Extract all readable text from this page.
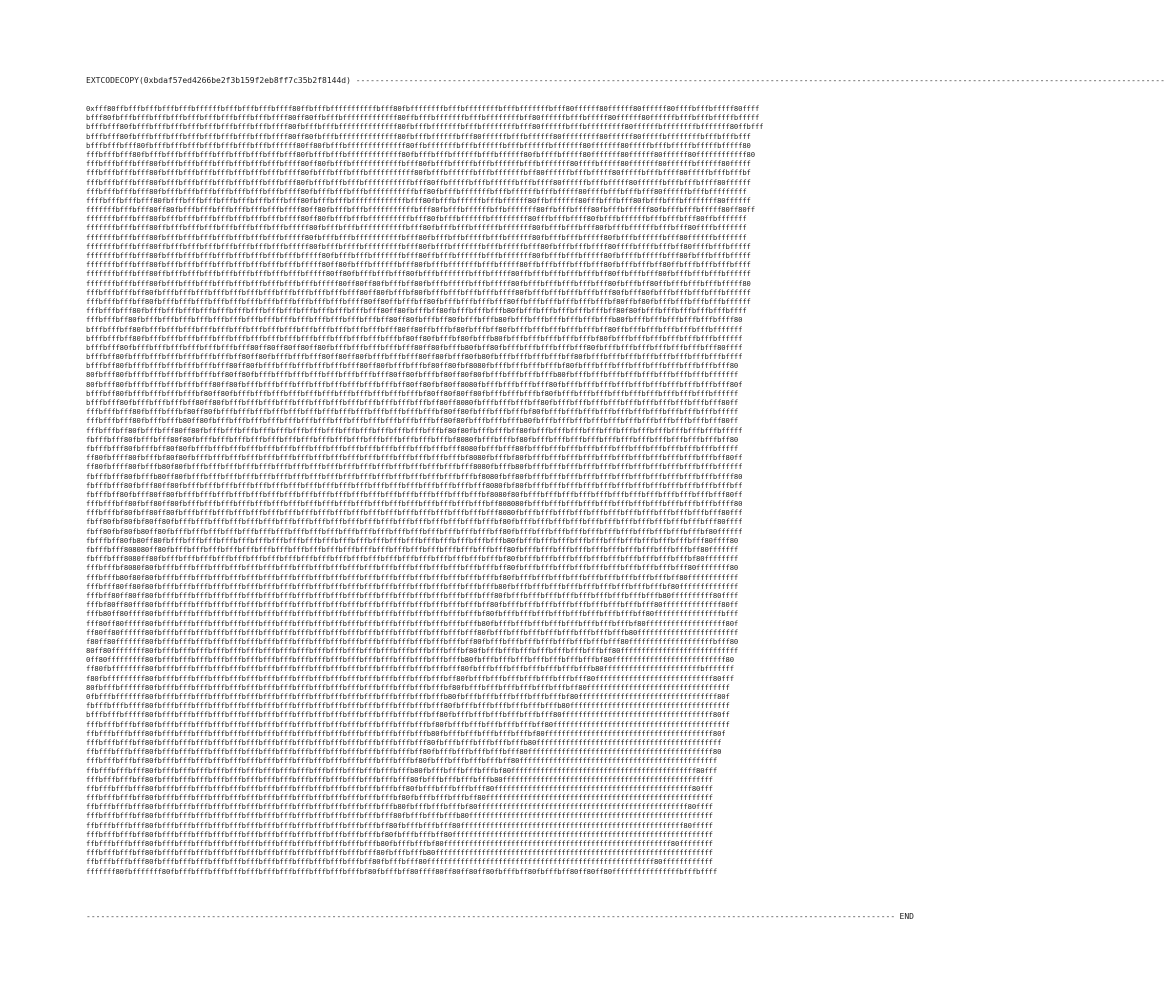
EXTCODECOPY(0xbdaf57ed4266be2f3b159f2eb8ff7c35b2f8144d) ------------------------------------------------------------------------------------------------------------------------------------------------------------------------
0xfff80ffbfffbfffbfffbfffbffffffbfffbfffbfffbffff80ffbfffbfffffffffffbfff80fbffffffffbfffbffffffffbfffbfffffffbfff80ffffff80ffffff80ffffff80ffffbfffbfffff80ffff
bfff80fbfffbfffbfffbfffbfffbfffbfffbfffbfffbffff80ff80ffbfffbfffffffffffff80ffbfffbfffffffbfffbffffffffbff80ffffffbfffbfffff80ffffff80ffffffbfffbfffbfffffbfffff
bfffbfff80fbfffbfffbfffbfffbfffbfffbfffbfffbffff80fbfffbfffbffffffffffffff80fbfffbfffffffbfffbffffffffbfff80ffffffbfffbfffffffff80ffffffbffffffffbfffffff80ffbfff
bfffbfff80fbfffbfffbfffbfffbfffbfffbfffbfffbffff80ff80fbfffbffffffffffffff80fbfffbffffffbfff80ffffffbfffbffffff80fffffffff80ffffff80fffffbffffffffbfffbfffbfff
bfffbfffbfff80fbfffbfffbfffbfffbfffbfffbfffbffffff80ff80fbfffbffffffffffffff80ffbfffffffbfffbffffffbfffbffffffbfffffff80fffffff80fffffbfffbfffffbfffffbfffff80
fffbfffbfff80fbfffbfffbfffbfffbfffbfffbfffbfffbfff80fbfffbfffbfffffffffffff80fbfffbfffbffffffbfffbffffff80fbffffbfffff80fffffff80ffffff80ffffff80ffffffffffff80
fffbfffbfffbfff80fbfffbfffbfffbfffbfffbfffbfffbffff80ff80fbfffbffffffffffffbfff80fbfffbfffffbfffbffffffbfffbfffffff80ffffbfffff80fffffff80ffffffbffffff80fffff
fffbfffbfffbfff80fbfffbfffbfffbfffbfffbfffbfffbffff80fbfffbfffbfffbfffffffffff80fbfffbffffffbfffbfffffffbff80ffffffbfffbfffff80fffffbfffbffff80fffffbfffbfffbf
fffbfffbfffbfff80fbfffbfffbfffbfffbfffbfffbfffbfff80fbfffbfffbfffbfffffffffffbfff80ffbfffffbfffbffffffbfffbffff80ffffffbfffbfffff80ffffffbfffbfffbffff80ffffff
fffbfffbfffbfff80fbfffbfffbfffbfffbfffbfffbfffbffff80fbfffbfffbfffbfffffffffffbff80fbfffbfffffffbfffbffffffbfffbfffff80ffffbfffbfffbfff80ffffffbfffbfffffffff
ffffbfffbfffbfff80fbfffbfffbfffbfffbfffbfffbfffbfff80fbfffbfffbfffffffffffffbfff80fbfffbffffffbfffbffffff80ffbfffffff80fffbfffbfff80fbfffbfffbffffffff80ffffff
fffffffbfffbfff80ff80fbfffbfffbfffbfffbfffbfffbffff80ff80fbfffbfffbfffffffffffbfff80fbfffbffffffbffbfffffff80ffbfffbffff80fbfffbffffff80fbfffbfffbfffff80ff80ff
fffffffbfffbfff80fbfffbfffbfffbfffbfffbfffbfffbffff80ff80fbfffbfffbffffffffffbfff80fbfffbffffffbfffffffff80fffbfffbffff80fbfffbffffffbfffbfffbfff80ffbfffffff
fffffffbfffbfff80ffbfffbfffbfffbfffbfffbfffbfffbfffff80fbfffbfffbfffffffffffbfff80fbfffbfffbffffffbfffffff80fbfffbfffbfff80fbfffbffffffbfffbfff80ffffbfffffff
fffffffbfffbfff80fbfffbfffbfffbfffbfffbfffbfffbfffff80fbfffbfffbfffffffffffbfff80fbfffbffbfffffbfffbffffff80fbfffbfffbfffff80fbfffbffffffbfff80ffffffbfffffff
fffffffbfffbfff80ffbfffbfffbfffbfffbfffbfffbfffbfffff80fbfffbffffbfffffffffbfff80fbfffbfffffffbfffbfffffbfff80fbfffbfffbffff80ffffbffffbfffbff80ffffbfffbfffff
fffffffbfffbfff80fbfffbfffbfffbfffbfffbfffbfffbfffbfffff80fbfffbfffbfffffffbfff80ffbfffbffffffbfffbfffffff80fbfffbfffbfffff80fbffffbfffffbfff80fbfffbfffbfffff
fffffffbfffbfff80fbfffbfffbfffbfffbfffbfffbfffbfffbfffff80ff80fbfffbffffffbfff80fbfffbfffffffbfffbfffff80ffbfffbfffbfffbfff80fbfffbfffbff80ffbfffbfffbfffbffff
fffffffbfffbfff80ffbfffbfffbfffbfffbfffbfffbfffbfffbfffff80ff80fbfffbfffbfff80fbfffbfffffffbfffbfffff80ffbfffbfffbfffbfffbff80ffbfffbfff80fbfffbfffbfffbffffff
fffffffbfffbfff80fbfffbfffbfffbfffbfffbfffbfffbfffbfffbfffff80ff80ff80fbfffbff80fbfffbfffffbfffbfffff80fbfffbfffbfffbfffbfff80fbfffbff80ffbfffbfffbfffbfffff80
fffbfffbfffbff80fbfffbfffbfffbfffbfffbfffbfffbfffbfffbfffbfffbfff80ff80fbfffbf80fbfffbfffbfffbfffbffff80fbfffbfffbfffbfffbfff80fbfff80fbfffbfffbfffbfffbffffff
fffbfffbfffbff80fbfffbfffbfffbfffbfffbfffbfffbfffbfffbfffbfffbffff80ff80ffbfffbff80fbfffbfffbfffbfff80ffbfffbfffbfffbfffbfffbf80ffbf80fbfffbfffbfffbfffbffffff
fffbfffbfff80fbfffbfffbfffbfffbfffbfffbfffbfffbfffbfffbfffbfffbfffbfff80ff80fbfffbff80fbfffbfffbfffb80fbfffbfffbfffbfffbfffbff80f80fbfffbfffbfffbfffbfffbffff
fffbfffbff80fbfffbfffbfffbfffbfffbfffbfffbfffbfffbfffbfffbfffbfffbfffbff80ff80fbfffbff80fbfffbfffb80fbfffbfffbfffbfffbfffbfffb80fbfffbfffbfffbfffbfffbffff80
bfffbfffbff80fbfffbfffbfffbfffbfffbfffbfffbfffbfffbfffbfffbfffbfffbfffbfff80ff80ffbfffbf80fbfffbff80fbfffbfffbfffbfffbfffbff80ffbfffbfffbfffbfffbfffbfffffff
bfffbfffbff80fbfffbfffbfffbfffbfffbfffbfffbfffbfffbfffbfffbfffbfffbfffbfffbf80ff80fbfffbf80fbfffb80fbfffbfffbfffbfffbfffbf80fbfffbfffbfffbfffbfffbfffbffffff
bfffbfff80fbfffbfffbfffbfffbfffbfffbfff80ff80ff80ff80ff80fbfffbfffbfffbfffbfff80ff80fbfffb80fbff80fbfffbfffbfffbfffbfff80fbfffbfffbfffbfffbfffbfffbfff80ffff
bfffbff80fbfffbfffbfffbfffbfffbfffbff80ff80fbfffbfffbfff80ff80ff80fbfffbfffbfff80ff80fbfff80fb80fbfffbfffbfffbfffbff80fbfffbfffbfffbfffbfffbfffbfffbfffbffff
bfffbff80fbfffbfffbfffbfffbfffbfff80ff80fbfffbfffbfffbfffbfffbfff80ff80fbfffbfffbf80ff80fbf8080fbfffbfffbfffbfffbf80fbfffbfffbfffbfffbfffbfffbfffbfffbfff80
80fbfff80fbfffbfffbfffbfffbfffbff80ff80fbfffbfffbfffbfffbfffbfffbfffbfff80ff80fbfffbf80ff80f80fbfffbfffbfffbfffb80fbfffbfffbfffbfffbfffbfffbfffbfffbfffffff
80fbfff80fbfffbfffbfffbfffbfff80ff80fbfffbfffbfffbfffbfffbfffbfffbfffbfffbff80ff80fbf80ff8080fbfffbfffbfffbfff80fbfffbfffbfffbfffbfffbfffbfffbfffbfffbfff80f
bfffbff80fbfffbfffbfffbfffbf80ff80fbfffbfffbfffbfffbfffbfffbfffbfffbfffbfffbfffbf80ff80f80ff80fbfffbfffbfffbf80fbfffbfffbfffbfffbfffbfffbfffbfffbfffbffffff
bfffbfff80fbfffbfffbfffbff80ff80fbfffbfffbfffbfffbfffbfffbfffbfffbfffbfffbfffbfffbff80ff8080fbfffbfffbfffbff80fbfffbfffbfffbfffbfffbfffbfffbfffbfffbfff80ff
fffbfffbfff80fbfffbfffbf80ff80fbfffbfffbfffbfffbfffbfffbfffbfffbfffbfffbfffbfffbfffbf80ff80fbfffbfffbfffbf80fbfffbfffbfffbfffbfffbfffbfffbfffbfffbfffbfffff
fffbfffbfff80fbfffbfffb80ff80fbfffbfffbfffbfffbfffbfffbfffbfffbfffbfffbfffbfffbfffbff80f80fbfffbfffbfffb80fbfffbfffbfffbfffbfffbfffbfffbfffbfffbfffbfff80ff
fffbfffbff80fbfffbfff80ff80fbfffbfffbfffbfffbfffbfffbfffbfffbfffbfffbfffbfffbfffbfffbf80f80fbfffbfffbff80fbfffbfffbfffbfffbfffbfffbfffbfffbfffbfffbfffbfffff
fbfffbfff80fbfffbfff80f80fbfffbfffbfffbfffbfffbfffbfffbfffbfffbfffbfffbfffbfffbfffbfffbf8080fbfffbfffbf80fbfffbfffbfffbfffbfffbfffbfffbfffbfffbfffbfffbff80
fbfffbfff80fbfffbff80f80fbfffbfffbfffbfffbfffbfffbfffbfffbfffbfffbfffbfffbfffbfffbfffbfff8080fbfffbfff80fbfffbfffbfffbfffbfffbfffbfffbfffbfffbfffbfffbfffff
ff80fbffff80fbfffbf80f80fbfffbfffbfffbfffbfffbfffbfffbfffbfffbfffbfffbfffbfffbfffbfffbfffbf8080fbfffbf80fbfffbfffbfffbfffbfffbfffbfffbfffbfffbfffbfffbff80ff
ff80fbffff80fbfffb80f80fbfffbfffbfffbfffbfffbfffbfffbfffbfffbfffbfffbfffbfffbfffbfffbfffbfff8080fbfffb80fbfffbfffbfffbfffbfffbfffbfffbfffbfffbfffbfffbffffff
fbfffbfff80fbfffb80ff80fbfffbfffbfffbfffbfffbfffbfffbfffbfffbfffbfffbfffbfffbfffbfffbfffbfffbf8080fbff80fbfffbfffbfffbfffbfffbfffbfffbfffbfffbfffbfffbffff80
fbfffbfff80fbfff80ff80fbfffbfffbfffbfffbfffbfffbfffbfffbfffbfffbfffbfffbfffbfffbfffbfffbfffbfff8080fbf80fbfffbfffbfffbfffbfffbfffbfffbfffbfffbfffbfffbfffbff
fbfffbff80fbfff80ff80fbfffbfffbfffbfffbfffbfffbfffbfffbfffbfffbfffbfffbfffbfffbfffbfffbfffbfffbf8080f80fbfffbfffbfffbfffbfffbfffbfffbfffbfffbfffbfffbfff80ff
fffbfffbff80fbff80ff80fbfffbfffbfffbfffbfffbfffbfffbfffbfffbfffbfffbfffbfffbfffbfffbfffbfffbfffbff808080fbfffbfffbfffbfffbfffbfffbfffbfffbfffbfffbfffbffff80
fffbfffbf80fbff80ff80fbfffbfffbfffbfffbfffbfffbfffbfffbfffbfffbfffbfffbfffbfffbfffbfffbfffbfffbfff8080fbfffbfffbfffbfffbfffbfffbfffbfffbfffbfffbfffbfff80fff
fbff80fbf80fbf80ff80fbfffbfffbfffbfffbfffbfffbfffbfffbfffbfffbfffbfffbfffbfffbfffbfffbfffbfffbfffbf80fbfffbfffbfffbfffbfffbfffbfffbfffbfffbfffbfffbfff80ffff
fbff80fbf80fb80ff80fbfffbfffbfffbfffbfffbfffbfffbfffbfffbfffbfffbfffbfffbfffbfffbfffbfffbfffbfffbff80fbfffbfffbfffbfffbfffbfffbfffbfffbfffbfffbfffbf80ffffff
fbfffbff80fb80ff80fbfffbfffbfffbfffbfffbfffbfffbfffbfffbfffbfffbfffbfffbfffbfffbfffbfffbfffbfffbfffb80fbfffbfffbfffbfffbfffbfffbfffbfffbfffbfffbfff80ffff80
fbfffbfff808080ff80fbfffbfffbfffbfffbfffbfffbfffbfffbfffbfffbfffbfffbfffbfffbfffbfffbfffbfffbfffbfff80fbfffbfffbfffbfffbfffbfffbfffbfffbfffbfffbff80fffffff
fbfffbfff8080ff80fbfffbfffbfffbfffbfffbfffbfffbfffbfffbfffbfffbfffbfffbfffbfffbfffbfffbfffbfffbfffbf80fbfffbfffbfffbfffbfffbfffbfffbfffbfffbfffbf80ffffffff
fffbfffbf8080f80fbfffbfffbfffbfffbfffbfffbfffbfffbfffbfffbfffbfffbfffbfffbfffbfffbfffbfffbfffbfffbff80fbfffbfffbfffbfffbfffbfffbfffbfffbfffbfff80ffffffff80
fffbfffb80f80f80fbfffbfffbfffbfffbfffbfffbfffbfffbfffbfffbfffbfffbfffbfffbfffbfffbfffbfffbfffbfffbf80fbfffbfffbfffbfffbfffbfffbfffbfffbfffbff80ffffffffffff
fffbfff80ff80f80fbfffbfffbfffbfffbfffbfffbfffbfffbfffbfffbfffbfffbfffbfffbfffbfffbfffbfffbfffbfffb80fbfffbfffbfffbfffbfffbfffbfffbfffbfffbf80ffffffffffffff
fffbff80ff80ff80fbfffbfffbfffbfffbfffbfffbfffbfffbfffbfffbfffbfffbfffbfffbfffbfffbfffbfffbfffbfff80fbfffbfffbfffbfffbfffbfffbfffbfffbfffb80ffffffffff80ffff
fffbf80ff80fff80fbfffbfffbfffbfffbfffbfffbfffbfffbfffbfffbfffbfffbfffbfffbfffbfffbfffbfffbfffbff80fbfffbfffbfffbfffbfffbfffbfffbfffbfff80ffffffffffffff80ff
fffb80ff80ffff80fbfffbfffbfffbfffbfffbfffbfffbfffbfffbfffbfffbfffbfffbfffbfffbfffbfffbfffbfffbf80fbfffbfffbfffbfffbfffbfffbfffbfffbff80ffffffffffffffffbfff
fff80ff80fffff80fbfffbfffbfffbfffbfffbfffbfffbfffbfffbfffbfffbfffbfffbfffbfffbfffbfffbfffbfffb80fbfffbfffbfffbfffbfffbfffbfffbfffbf80fffffffffffffffffff80f
ff80ff80ffffff80fbfffbfffbfffbfffbfffbfffbfffbfffbfffbfffbfffbfffbfffbfffbfffbfffbfffbfffbfff80fbfffbfffbfffbfffbfffbfffbfffbfffb80ffffffffffffffffffffffff
f80ff80fffffff80fbfffbfffbfffbfffbfffbfffbfffbfffbfffbfffbfffbfffbfffbfffbfffbfffbfffbfffbff80fbfffbfffbfffbfffbfffbfffbfffbfff80ffffffffffffffffffffbfff80
80ff80ffffffff80fbfffbfffbfffbfffbfffbfffbfffbfffbfffbfffbfffbfffbfffbfffbfffbfffbfffbfffbf80fbfffbfffbfffbfffbfffbfffbfffbff80ffffffffffffffffffffffffffff
0ff80fffffffff80fbfffbfffbfffbfffbfffbfffbfffbfffbfffbfffbfffbfffbfffbfffbfffbfffbfffbfffb80fbfffbfffbfffbfffbfffbfffbfffbf80fffffffffffffffffffffffffff80
ff80fbffffffff80fbfffbfffbfffbfffbfffbfffbfffbfffbfffbfffbfffbfffbfffbfffbfffbfffbfffbfff80fbfffbfffbfffbfffbfffbfffbfffb80fffffffffffffffffffffffbfffffff
f80fbfffffffff80fbfffbfffbfffbfffbfffbfffbfffbfffbfffbfffbfffbfffbfffbfffbfffbfffbfffbff80fbfffbfffbfffbfffbfffbfffbfff80ffffffffffffffffffffffffffff80fff
80fbfffbffffff80fbfffbfffbfffbfffbfffbfffbfffbfffbfffbfffbfffbfffbfffbfffbfffbfffbfffbf80fbfffbfffbfffbfffbfffbfffbff80ffffffffffffffffffffffffffffffffff
0fbfffbfffffff80fbfffbfffbfffbfffbfffbfffbfffbfffbfffbfffbfffbfffbfffbfffbfffbfffbfffb80fbfffbfffbfffbfffbfffbfffbf80fffffffffffffffffffffffffffffffff80f
fbfffbfffbffff80fbfffbfffbfffbfffbfffbfffbfffbfffbfffbfffbfffbfffbfffbfffbfffbfffbfff80fbfffbfffbfffbfffbfffbfffb80ffffffffffffffffffffffffffffffffffffff
bfffbfffbfffff80fbfffbfffbfffbfffbfffbfffbfffbfffbfffbfffbfffbfffbfffbfffbfffbfffbff80fbfffbfffbfffbfffbfffbfff80ffffffffffffffffffffffffffffffffffff80ff
fffbfffbfffbff80fbfffbfffbfffbfffbfffbfffbfffbfffbfffbfffbfffbfffbfffbfffbfffbfffbf80fbfffbfffbfffbfffbfffbff80ffffffffffffffffffffffffffffffffffffffffff
ffbfffbfffbfff80fbfffbfffbfffbfffbfffbfffbfffbfffbfffbfffbfffbfffbfffbfffbfffbfffb80fbfffbfffbfffbfffbfffbf80ffffffffffffffffffffffffffffffffffffffff80f
fffbfffbfffbff80fbfffbfffbfffbfffbfffbfffbfffbfffbfffbfffbfffbfffbfffbfffbfffbfff80fbfffbfffbfffbfffbfffb80ffffffffffffffffffffffffffffffffffffffffffff
ffbfffbfffbfff80fbfffbfffbfffbfffbfffbfffbfffbfffbfffbfffbfffbfffbfffbfffbfffbff80fbfffbfffbfffbfffbfff80ffffffffffffffffffffffffffffffffffffffffffff80
fffbfffbfffbff80fbfffbfffbfffbfffbfffbfffbfffbfffbfffbfffbfffbfffbfffbfffbfffbf80fbfffbfffbfffbfffbff80fffffffffffffffffffffffffffffffffffffffffffffff
ffbfffbfffbfff80fbfffbfffbfffbfffbfffbfffbfffbfffbfffbfffbfffbfffbfffbfffbfffb80fbfffbfffbfffbfffbf80ffffffffffffffffffffffffffffffffffffffffffff80fff
fffbfffbfffbff80fbfffbfffbfffbfffbfffbfffbfffbfffbfffbfffbfffbfffbfffbfffbfff80fbfffbfffbfffbfffb80ffffffffffffffffffffffffffffffffffffffffffffffffff
ffbfffbfffbfff80fbfffbfffbfffbfffbfffbfffbfffbfffbfffbfffbfffbfffbfffbfffbff80fbfffbfffbfffbfff80fffffffffffffffffffffffffffffffffffffffffffffff80fff
fffbfffbfffbff80fbfffbfffbfffbfffbfffbfffbfffbfffbfffbfffbfffbfffbfffbfffbf80fbfffbfffbfffbff80ffffffffffffffffffffffffffffffffffffffffffffffffffffff
ffbfffbfffbfff80fbfffbfffbfffbfffbfffbfffbfffbfffbfffbfffbfffbfffbfffbfffb80fbfffbfffbfffbf80ffffffffffffffffffffffffffffffffffffffffffffffffff80ffff
fffbfffbfffbff80fbfffbfffbfffbfffbfffbfffbfffbfffbfffbfffbfffbfffbfffbfff80fbfffbfffbfffb80ffffffffffffffffffffffffffffffffffffffffffffffffffffffffff
ffbfffbfffbfff80fbfffbfffbfffbfffbfffbfffbfffbfffbfffbfffbfffbfffbfffbff80fbfffbfffbfff80fffffffffffffffffffffffffffffffffffffffffffffffffffff80fffff
fffbfffbfffbff80fbfffbfffbfffbfffbfffbfffbfffbfffbfffbfffbfffbfffbfffbf80fbfffbfffbff80ffffffffffffffffffffffffffffffffffffffffffffffffffffffffffffff
ffbfffbfffbfff80fbfffbfffbfffbfffbfffbfffbfffbfffbfffbfffbfffbfffbfffb80fbfffbfffbf80ffffffffffffffffffffffffffffffffffffffffffffffffffffff80ffffffff
fffbfffbfffbff80fbfffbfffbfffbfffbfffbfffbfffbfffbfffbfffbfffbfffbfff80fbfffbfffb80ffffffffffffffffffffffffffffffffffffffffffffffffffffffffffffffffff
ffbfffbfffbfff80fbfffbfffbfffbfffbfffbfffbfffbfffbfffbfffbfffbfffbff80fbfffbfff80ffffffffffffffffffffffffffffffffffffffffffffffffffffff80ffffffffffff
fffffff80fbfffffff80fbfffbfffbfffbfffbfffbfffbfffbfffbfffbfffbfffbf80fbfffbff80ffff80ff80ff80ff80fbfffbff80fbfffbff80ff80ff80ffffffffffffffffbfffbffff
------------------------------------------------------------------------------------------------------------------------------------------------------------------------ END
